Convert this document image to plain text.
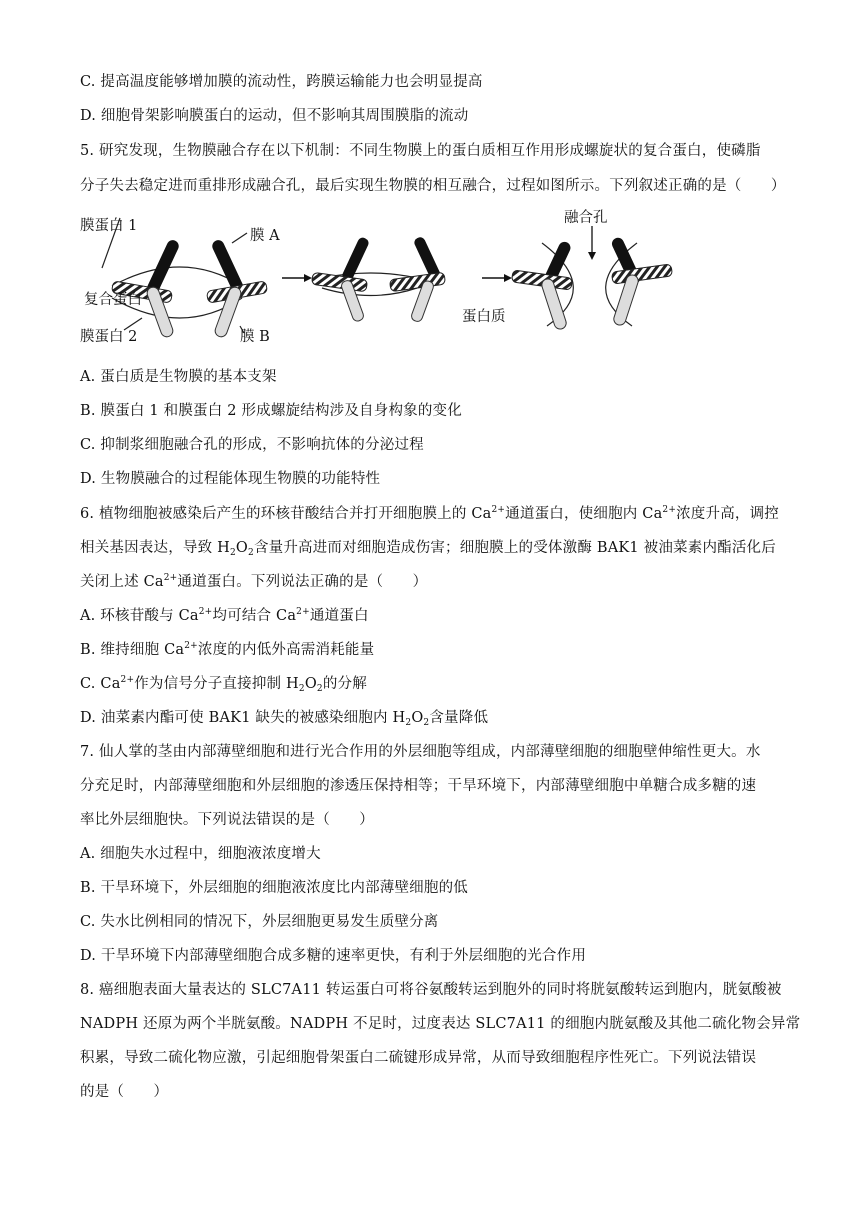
C. 提高温度能够增加膜的流动性，跨膜运输能力也会明显提高
D. 细胞骨架影响膜蛋白的运动，但不影响其周围膜脂的流动
5. 研究发现，生物膜融合存在以下机制：不同生物膜上的蛋白质相互作用形成螺旋状的复合蛋白，使磷脂
分子失去稳定进而重排形成融合孔，最后实现生物膜的相互融合，过程如图所示。下列叙述正确的是（　　）
膜蛋白 1
膜 A
复合蛋白
膜蛋白 2	膜 B
融合孔
蛋白质
A. 蛋白质是生物膜的基本支架
B. 膜蛋白 1 和膜蛋白 2 形成螺旋结构涉及自身构象的变化
C. 抑制浆细胞融合孔的形成，不影响抗体的分泌过程
D. 生物膜融合的过程能体现生物膜的功能特性
6. 植物细胞被感染后产生的环核苷酸结合并打开细胞膜上的 $Ca^{2+}$通道蛋白，使细胞内 $Ca^{2+}$浓度升高，调控
相关基因表达，导致 $H_2O_2$含量升高进而对细胞造成伤害；细胞膜上的受体激酶 BAK1 被油菜素内酯活化后
关闭上述 $Ca^{2+}$通道蛋白。下列说法正确的是（　　）
A. 环核苷酸与 $Ca^{2+}$均可结合 $Ca^{2+}$通道蛋白
B. 维持细胞 $Ca^{2+}$浓度的内低外高需消耗能量
C. $Ca^{2+}$作为信号分子直接抑制 $H_2O_2$的分解
D. 油菜素内酯可使 BAK1 缺失的被感染细胞内 $H_2O_2$含量降低
7. 仙人掌的茎由内部薄壁细胞和进行光合作用的外层细胞等组成，内部薄壁细胞的细胞壁伸缩性更大。水
分充足时，内部薄壁细胞和外层细胞的渗透压保持相等；干旱环境下，内部薄壁细胞中单糖合成多糖的速
率比外层细胞快。下列说法错误的是（　　）
A. 细胞失水过程中，细胞液浓度增大
B. 干旱环境下，外层细胞的细胞液浓度比内部薄壁细胞的低
C. 失水比例相同的情况下，外层细胞更易发生质壁分离
D. 干旱环境下内部薄壁细胞合成多糖的速率更快，有利于外层细胞的光合作用
8. 癌细胞表面大量表达的 SLC7A11 转运蛋白可将谷氨酸转运到胞外的同时将胱氨酸转运到胞内，胱氨酸被
NADPH 还原为两个半胱氨酸。NADPH 不足时，过度表达 SLC7A11 的细胞内胱氨酸及其他二硫化物会异常
积累，导致二硫化物应激，引起细胞骨架蛋白二硫键形成异常，从而导致细胞程序性死亡。下列说法错误
的是（　　）
